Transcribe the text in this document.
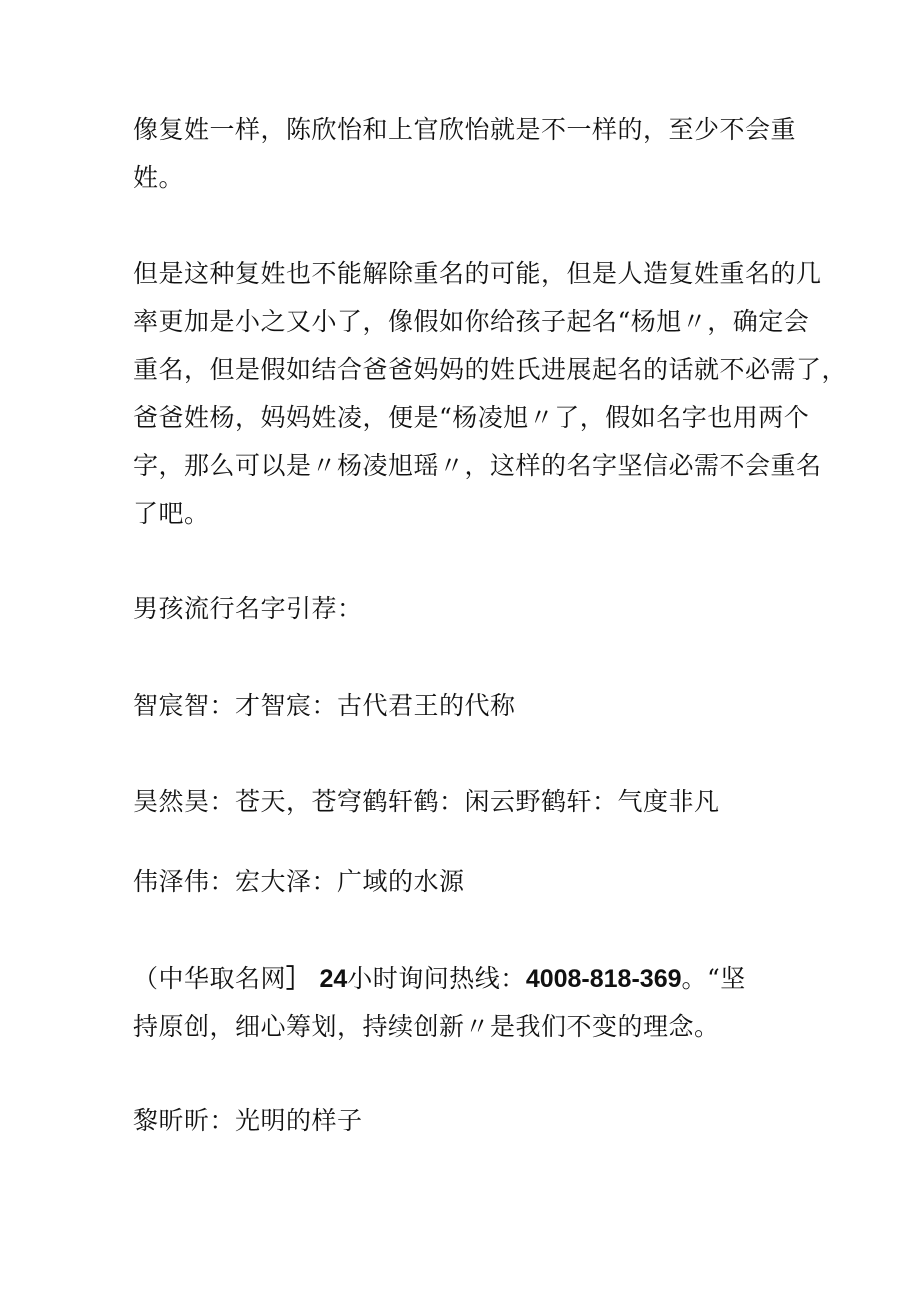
像复姓一样，陈欣怡和上官欣怡就是不一样的，至少不会重
姓。

但是这种复姓也不能解除重名的可能，但是人造复姓重名的几
率更加是小之又小了，像假如你给孩子起名“杨旭〃，确定会
重名，但是假如结合爸爸妈妈的姓氏进展起名的话就不必需了，
爸爸姓杨，妈妈姓凌，便是“杨凌旭〃了，假如名字也用两个
字，那么可以是〃杨凌旭瑶〃，这样的名字坚信必需不会重名
了吧。

男孩流行名字引荐：

智宸智：才智宸：古代君王的代称

昊然昊：苍天，苍穹鹤轩鹤：闲云野鹤轩：气度非凡

伟泽伟：宏大泽：广域的水源

（中华取名网］ 24小时询问热线：4008-818-369。“坚
持原创，细心筹划，持续创新〃是我们不变的理念。

黎昕昕：光明的样子
